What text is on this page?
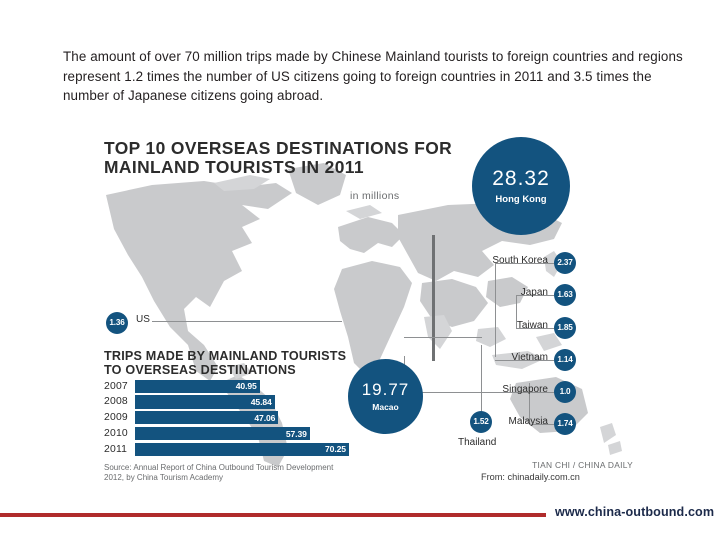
The amount of over 70 million trips made by Chinese Mainland tourists to foreign countries and regions represent 1.2 times the number of US citizens going to foreign countries in 2011 and 3.5 times the number of Japanese citizens going abroad.
TOP 10 OVERSEAS DESTINATIONS FOR MAINLAND TOURISTS IN 2011
in millions
28.32
Hong Kong
19.77
Macao
2.37
1.63
1.85
1.14
1.0
1.74
1.52
1.36
South Korea
Japan
Taiwan
Vietnam
Singapore
Malaysia
Thailand
US
TRIPS MADE BY MAINLAND TOURISTS TO OVERSEAS DESTINATIONS
2007	40.95
2008	45.84
2009	47.06
2010	57.39
2011	70.25
Source: Annual Report of China Outbound Tourism Development 2012, by China Tourism Academy
TIAN CHI / CHINA DAILY
From: chinadaily.com.cn
www.china-outbound.com
